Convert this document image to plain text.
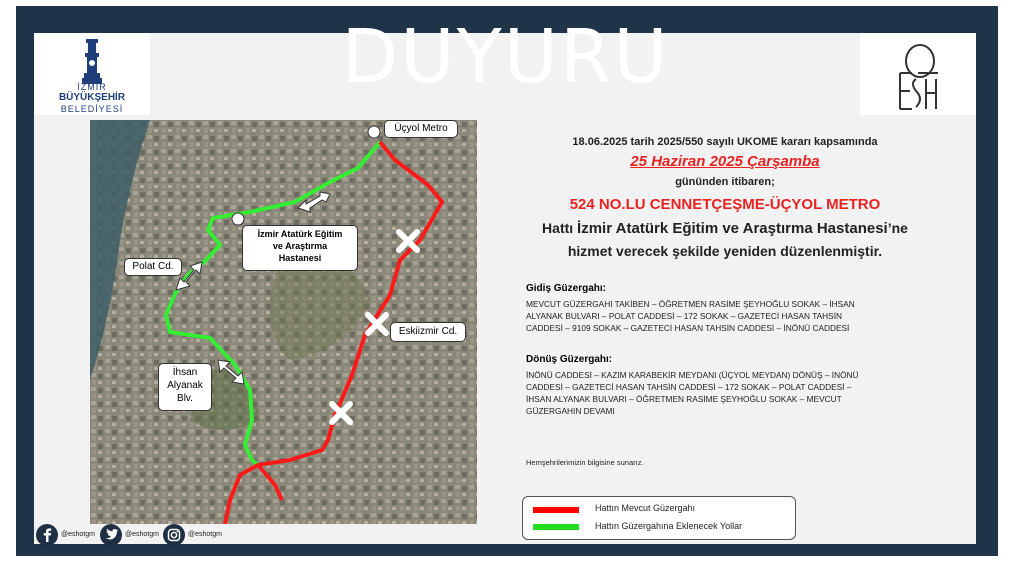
DUYURU
İZMİR
BÜYÜKŞEHİR
BELEDİYESİ
Üçyol Metro
İzmir Atatürk Eğitim
ve Araştırma
Hastanesi
Polat Cd.
Eskiizmir Cd.
İhsan
Alyanak
Blv.
18.06.2025 tarih 2025/550 sayılı UKOME kararı kapsamında
25 Haziran 2025 Çarşamba
gününden itibaren;
524 NO.LU CENNETÇEŞME-ÜÇYOL METRO
Hattı İzmir Atatürk Eğitim ve Araştırma Hastanesi’ne
hizmet verecek şekilde yeniden düzenlenmiştir.
Gidiş Güzergahı:
MEVCUT GÜZERGAHI TAKİBEN – ÖĞRETMEN RASİME ŞEYHOĞLU SOKAK – İHSAN
ALYANAK BULVARI – POLAT CADDESİ – 172 SOKAK – GAZETECİ HASAN TAHSİN
CADDESİ – 9109 SOKAK – GAZETECİ HASAN TAHSİN CADDESİ – İNÖNÜ CADDESİ
Dönüş Güzergahı:
İNÖNÜ CADDESİ – KAZIM KARABEKİR MEYDANI (ÜÇYOL MEYDAN) DÖNÜŞ – İNÖNÜ
CADDESİ – GAZETECİ HASAN TAHSİN CADDESİ – 172 SOKAK – POLAT CADDESİ –
İHSAN ALYANAK BULVARI – ÖĞRETMEN RASİME ŞEYHOĞLU SOKAK – MEVCUT
GÜZERGAHIN DEVAMI
Hemşehrilerimizin bilgisine sunarız.
Hattın Mevcut Güzergahı
Hattın Güzergahına Eklenecek Yollar
@eshotgm	@eshotgm	@eshotgm
